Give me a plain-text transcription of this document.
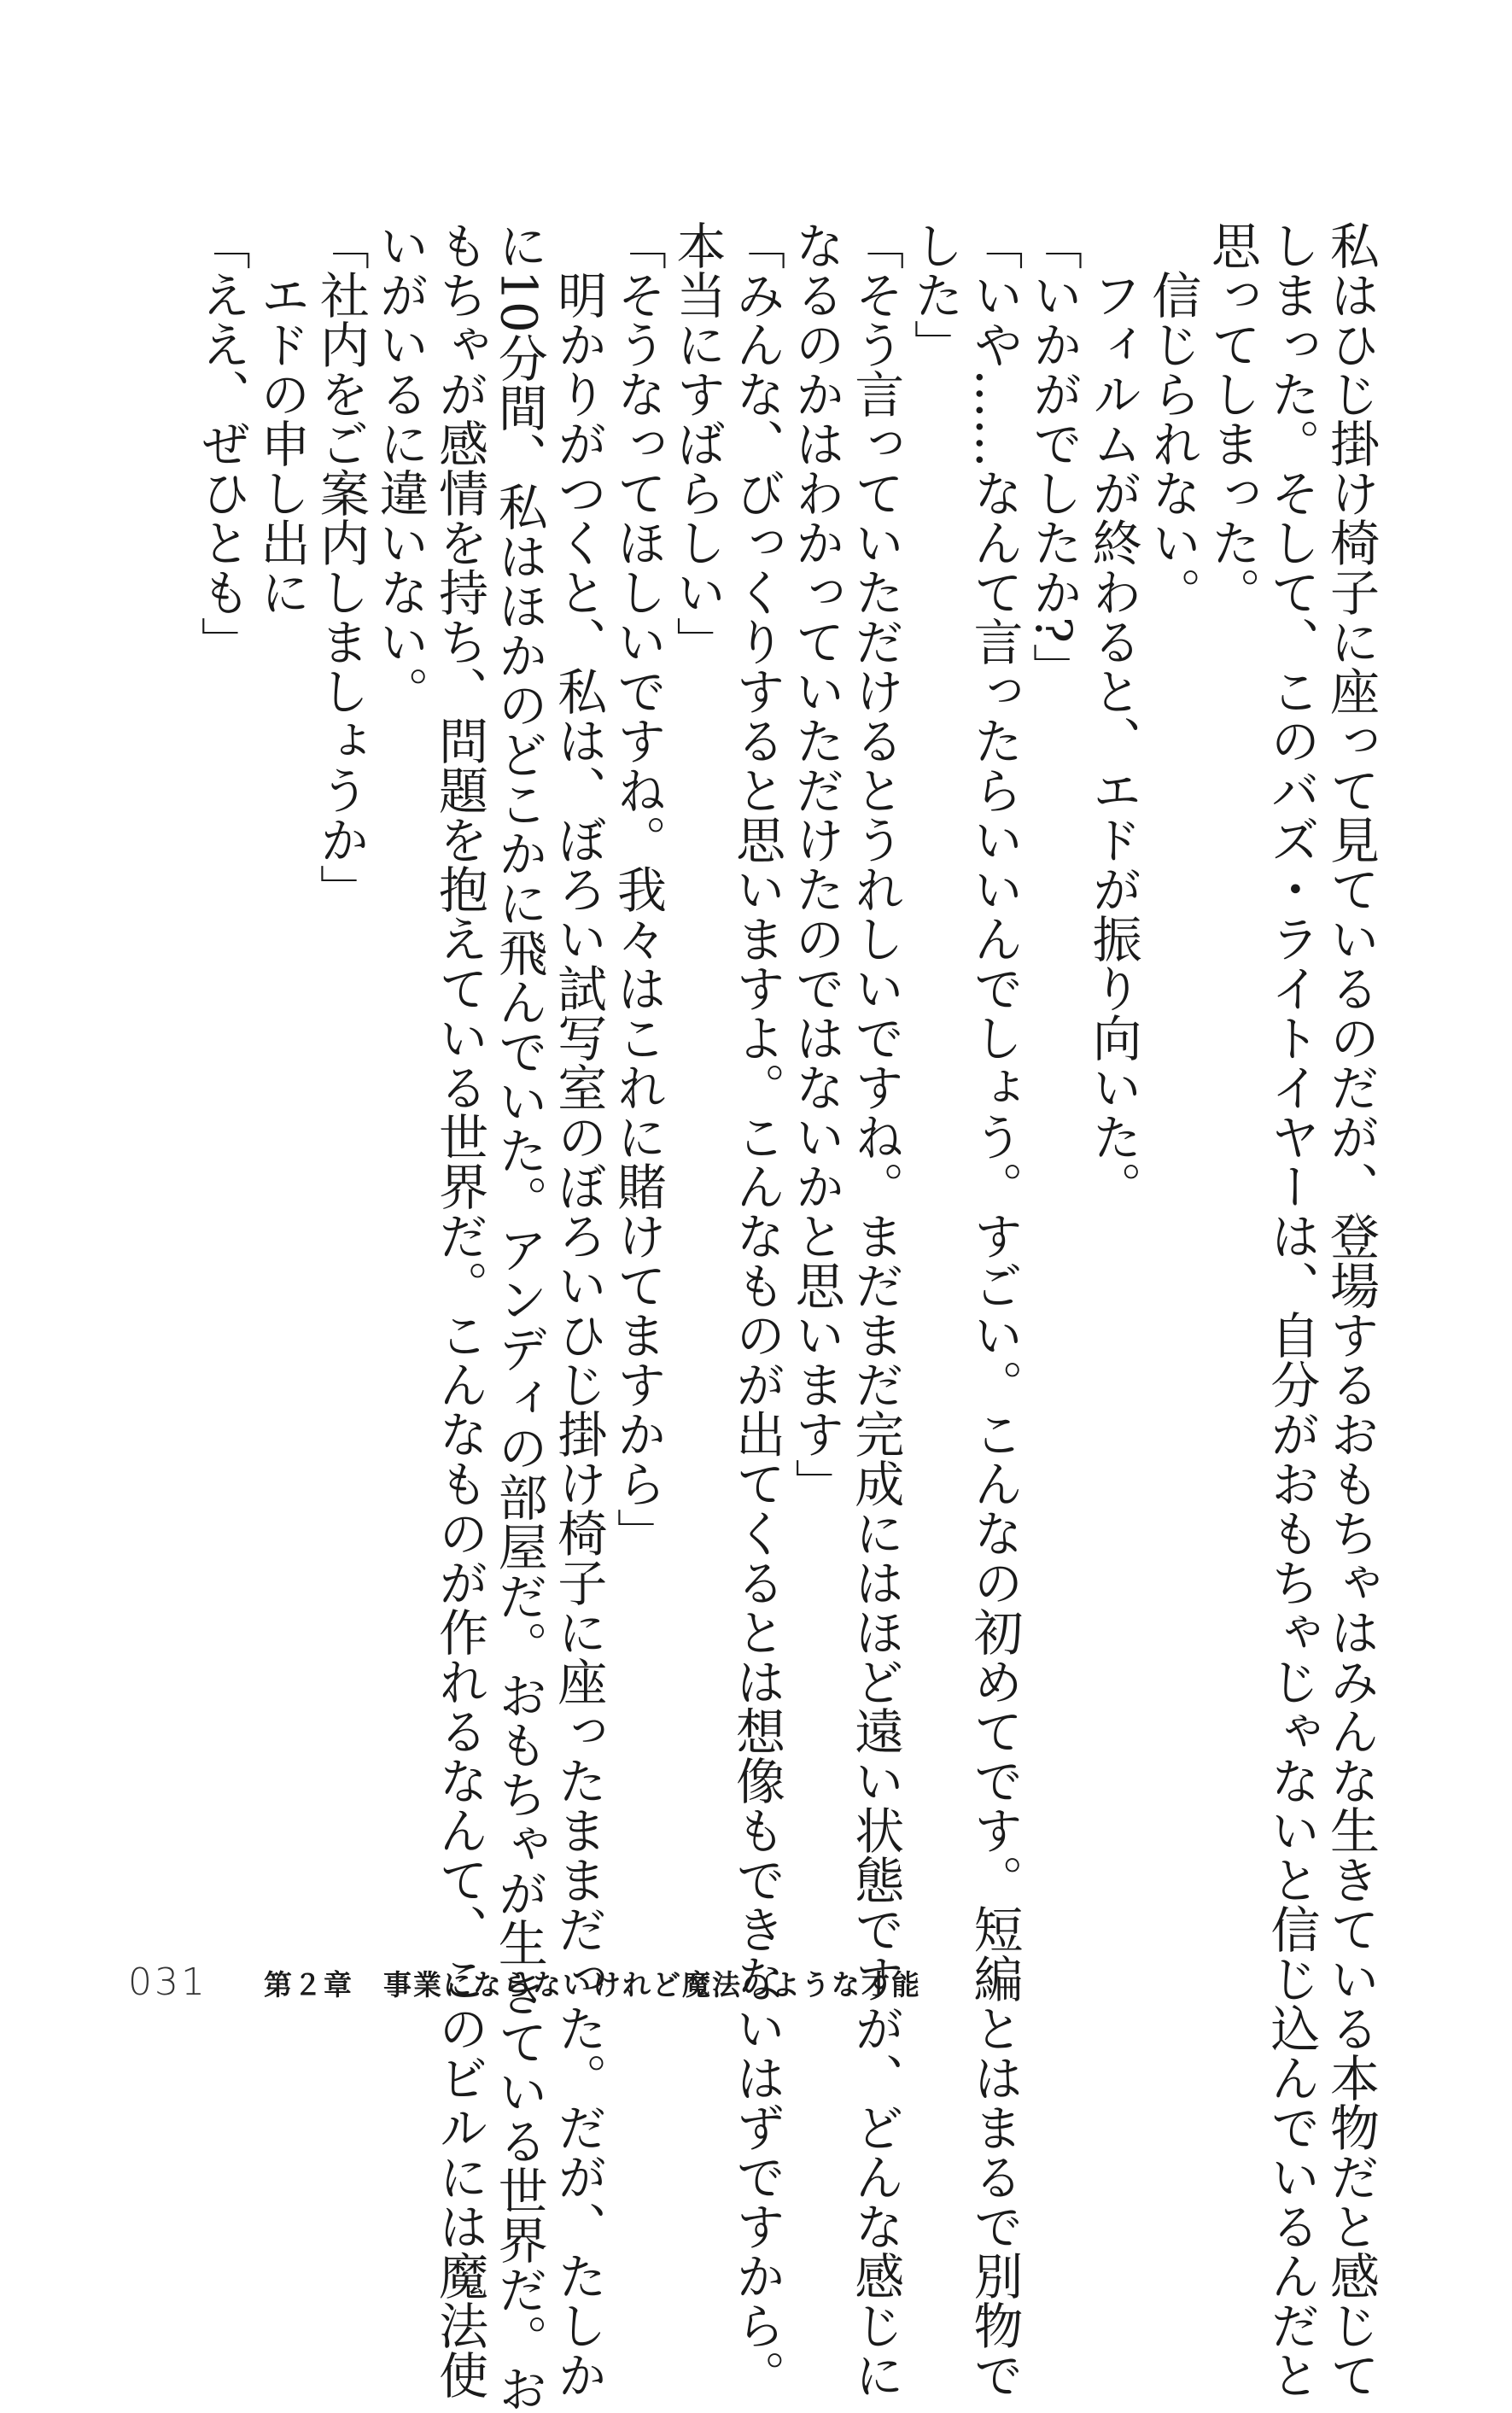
私はひじ掛け椅子に座って見ているのだが、登場するおもちゃはみんな生きている本物だと感じて
しまった。そして、このバズ・ライトイヤーは、自分がおもちゃじゃないと信じ込んでいるんだと
思ってしまった。
　信じられない。
　フィルムが終わると、エドが振り向いた。
「いかがでしたか?」
「いや……なんて言ったらいいんでしょう。すごい。こんなの初めてです。短編とはまるで別物で
した」
「そう言っていただけるとうれしいですね。まだまだ完成にはほど遠い状態ですが、どんな感じに
なるのかはわかっていただけたのではないかと思います」
「みんな、びっくりすると思いますよ。こんなものが出てくるとは想像もできないはずですから。
本当にすばらしい」
「そうなってほしいですね。我々はこれに賭けてますから」
　明かりがつくと、私は、ぼろい試写室のぼろいひじ掛け椅子に座ったままだった。だが、たしか
に10分間、私はほかのどこかに飛んでいた。アンディの部屋だ。おもちゃが生きている世界だ。お
もちゃが感情を持ち、問題を抱えている世界だ。こんなものが作れるなんて、このビルには魔法使
いがいるに違いない。
「社内をご案内しましょうか」
　エドの申し出に
「ええ、ぜひとも」
031 第２章　事業にならないけれど魔法のような才能
